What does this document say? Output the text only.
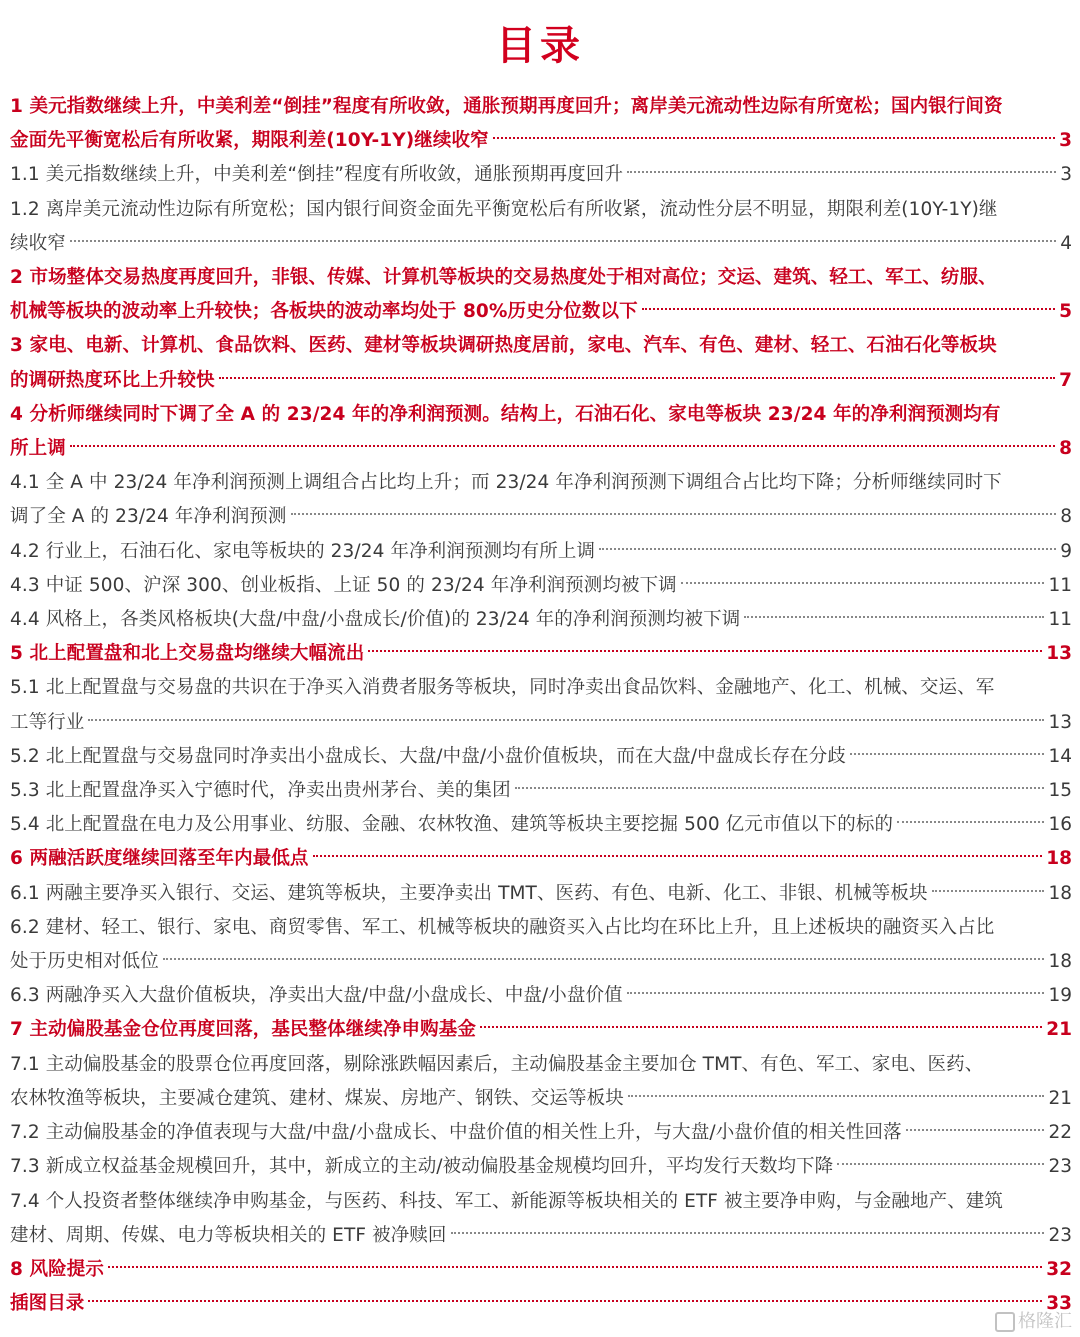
目录
1 美元指数继续上升，中美利差“倒挂”程度有所收敛，通胀预期再度回升；离岸美元流动性边际有所宽松；国内银行间资
金面先平衡宽松后有所收紧，期限利差(10Y-1Y)继续收窄	3
1.1 美元指数继续上升，中美利差“倒挂”程度有所收敛，通胀预期再度回升	3
1.2 离岸美元流动性边际有所宽松；国内银行间资金面先平衡宽松后有所收紧，流动性分层不明显，期限利差(10Y-1Y)继
续收窄	4
2 市场整体交易热度再度回升，非银、传媒、计算机等板块的交易热度处于相对高位；交运、建筑、轻工、军工、纺服、
机械等板块的波动率上升较快；各板块的波动率均处于 80%历史分位数以下	5
3 家电、电新、计算机、食品饮料、医药、建材等板块调研热度居前，家电、汽车、有色、建材、轻工、石油石化等板块
的调研热度环比上升较快	7
4 分析师继续同时下调了全 A 的 23/24 年的净利润预测。结构上，石油石化、家电等板块 23/24 年的净利润预测均有
所上调	8
4.1 全 A 中 23/24 年净利润预测上调组合占比均上升；而 23/24 年净利润预测下调组合占比均下降；分析师继续同时下
调了全 A 的 23/24 年净利润预测	8
4.2 行业上，石油石化、家电等板块的 23/24 年净利润预测均有所上调	9
4.3 中证 500、沪深 300、创业板指、上证 50 的 23/24 年净利润预测均被下调	11
4.4 风格上，各类风格板块(大盘/中盘/小盘成长/价值)的 23/24 年的净利润预测均被下调	11
5 北上配置盘和北上交易盘均继续大幅流出	13
5.1 北上配置盘与交易盘的共识在于净买入消费者服务等板块，同时净卖出食品饮料、金融地产、化工、机械、交运、军
工等行业	13
5.2 北上配置盘与交易盘同时净卖出小盘成长、大盘/中盘/小盘价值板块，而在大盘/中盘成长存在分歧	14
5.3 北上配置盘净买入宁德时代，净卖出贵州茅台、美的集团	15
5.4 北上配置盘在电力及公用事业、纺服、金融、农林牧渔、建筑等板块主要挖掘 500 亿元市值以下的标的	16
6 两融活跃度继续回落至年内最低点	18
6.1 两融主要净买入银行、交运、建筑等板块，主要净卖出 TMT、医药、有色、电新、化工、非银、机械等板块	18
6.2 建材、轻工、银行、家电、商贸零售、军工、机械等板块的融资买入占比均在环比上升，且上述板块的融资买入占比
处于历史相对低位	18
6.3 两融净买入大盘价值板块，净卖出大盘/中盘/小盘成长、中盘/小盘价值	19
7 主动偏股基金仓位再度回落，基民整体继续净申购基金	21
7.1 主动偏股基金的股票仓位再度回落，剔除涨跌幅因素后，主动偏股基金主要加仓 TMT、有色、军工、家电、医药、
农林牧渔等板块，主要减仓建筑、建材、煤炭、房地产、钢铁、交运等板块	21
7.2 主动偏股基金的净值表现与大盘/中盘/小盘成长、中盘价值的相关性上升，与大盘/小盘价值的相关性回落	22
7.3 新成立权益基金规模回升，其中，新成立的主动/被动偏股基金规模均回升，平均发行天数均下降	23
7.4 个人投资者整体继续净申购基金，与医药、科技、军工、新能源等板块相关的 ETF 被主要净申购，与金融地产、建筑
建材、周期、传媒、电力等板块相关的 ETF 被净赎回	23
8 风险提示	32
插图目录	33
格隆汇
